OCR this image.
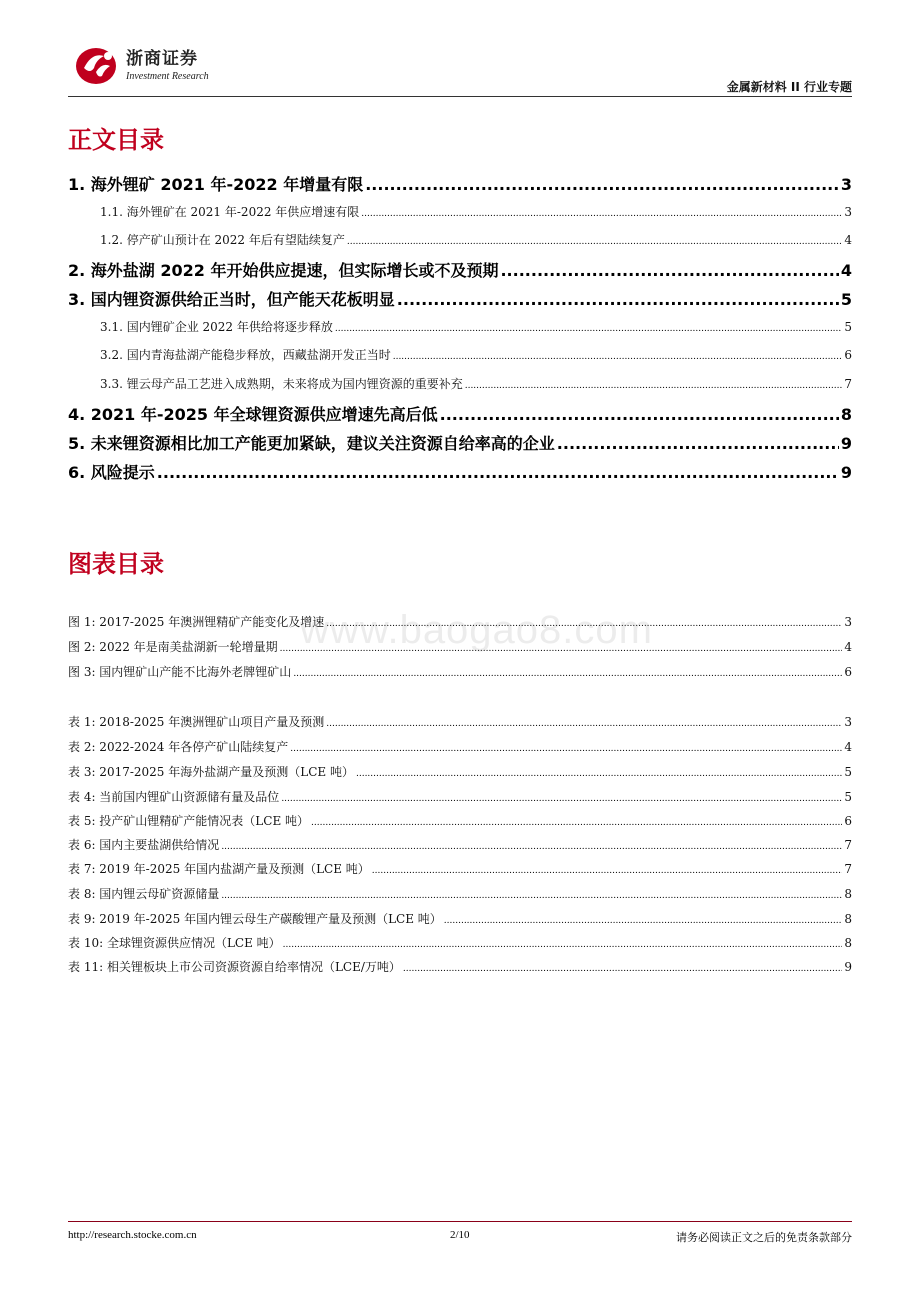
浙商证券
Investment Research
金属新材料 II 行业专题
正文目录
1. 海外锂矿 2021 年-2022 年增量有限 .....	3
1.1. 海外锂矿在 2021 年-2022 年供应增速有限 .....	3
1.2. 停产矿山预计在 2022 年后有望陆续复产 .....	4
2. 海外盐湖 2022 年开始供应提速，但实际增长或不及预期 .....	4
3. 国内锂资源供给正当时，但产能天花板明显 .....	5
3.1. 国内锂矿企业 2022 年供给将逐步释放 .....	5
3.2. 国内青海盐湖产能稳步释放，西藏盐湖开发正当时 .....	6
3.3. 锂云母产品工艺进入成熟期，未来将成为国内锂资源的重要补充 .....	7
4. 2021 年-2025 年全球锂资源供应增速先高后低 .....	8
5. 未来锂资源相比加工产能更加紧缺，建议关注资源自给率高的企业 .....	9
6. 风险提示 .....	9
图表目录
图 1: 2017-2025 年澳洲锂精矿产能变化及增速 .....	3
图 2: 2022 年是南美盐湖新一轮增量期 .....	4
图 3: 国内锂矿山产能不比海外老牌锂矿山 .....	6
表 1: 2018-2025 年澳洲锂矿山项目产量及预测 .....	3
表 2: 2022-2024 年各停产矿山陆续复产 .....	4
表 3: 2017-2025 年海外盐湖产量及预测（LCE 吨） .....	5
表 4: 当前国内锂矿山资源储有量及品位 .....	5
表 5: 投产矿山锂精矿产能情况表（LCE 吨） .....	6
表 6: 国内主要盐湖供给情况 .....	7
表 7: 2019 年-2025 年国内盐湖产量及预测（LCE 吨） .....	7
表 8: 国内锂云母矿资源储量 .....	8
表 9: 2019 年-2025 年国内锂云母生产碳酸锂产量及预测（LCE 吨） .....	8
表 10: 全球锂资源供应情况（LCE 吨） .....	8
表 11: 相关锂板块上市公司资源资源自给率情况（LCE/万吨） .....	9
www.baogao8.com
http://research.stocke.com.cn	2/10	请务必阅读正文之后的免责条款部分
